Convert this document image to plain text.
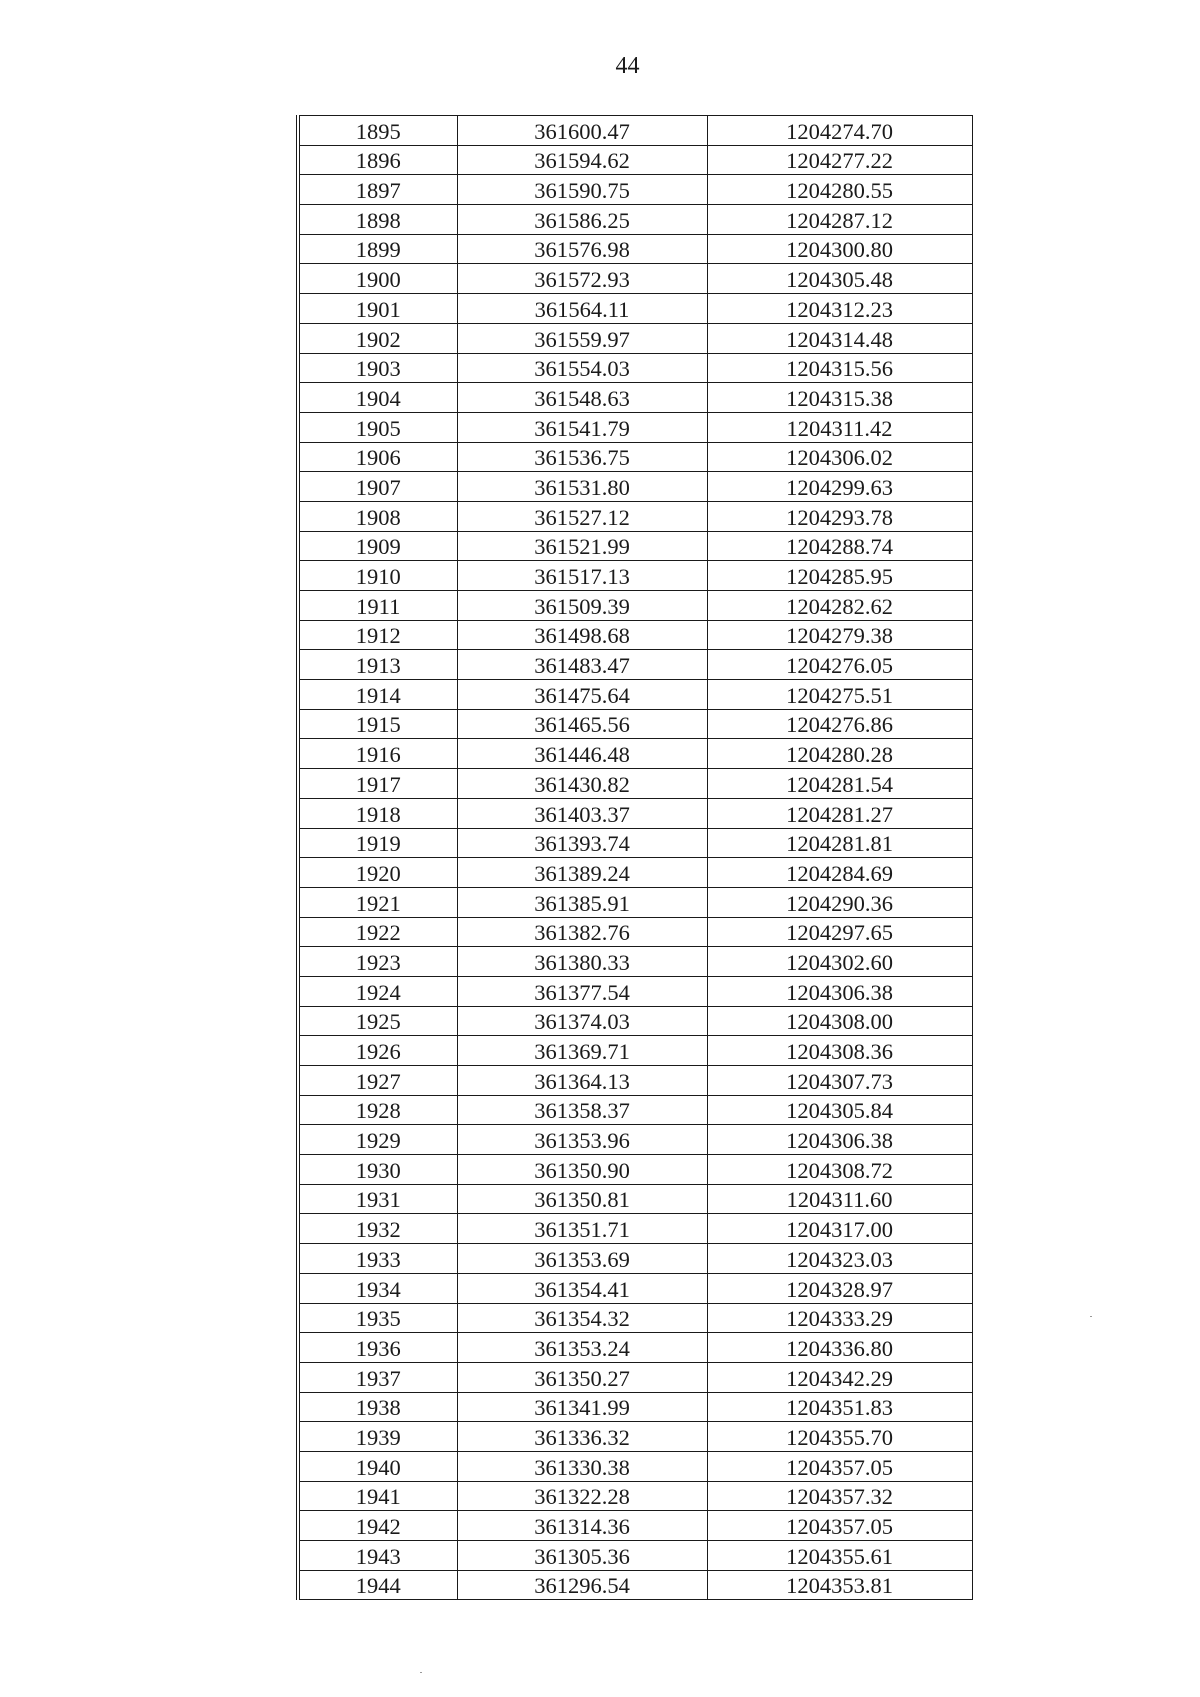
44
1895	361600.47	1204274.70
1896	361594.62	1204277.22
1897	361590.75	1204280.55
1898	361586.25	1204287.12
1899	361576.98	1204300.80
1900	361572.93	1204305.48
1901	361564.11	1204312.23
1902	361559.97	1204314.48
1903	361554.03	1204315.56
1904	361548.63	1204315.38
1905	361541.79	1204311.42
1906	361536.75	1204306.02
1907	361531.80	1204299.63
1908	361527.12	1204293.78
1909	361521.99	1204288.74
1910	361517.13	1204285.95
1911	361509.39	1204282.62
1912	361498.68	1204279.38
1913	361483.47	1204276.05
1914	361475.64	1204275.51
1915	361465.56	1204276.86
1916	361446.48	1204280.28
1917	361430.82	1204281.54
1918	361403.37	1204281.27
1919	361393.74	1204281.81
1920	361389.24	1204284.69
1921	361385.91	1204290.36
1922	361382.76	1204297.65
1923	361380.33	1204302.60
1924	361377.54	1204306.38
1925	361374.03	1204308.00
1926	361369.71	1204308.36
1927	361364.13	1204307.73
1928	361358.37	1204305.84
1929	361353.96	1204306.38
1930	361350.90	1204308.72
1931	361350.81	1204311.60
1932	361351.71	1204317.00
1933	361353.69	1204323.03
1934	361354.41	1204328.97
1935	361354.32	1204333.29
1936	361353.24	1204336.80
1937	361350.27	1204342.29
1938	361341.99	1204351.83
1939	361336.32	1204355.70
1940	361330.38	1204357.05
1941	361322.28	1204357.32
1942	361314.36	1204357.05
1943	361305.36	1204355.61
1944	361296.54	1204353.81
